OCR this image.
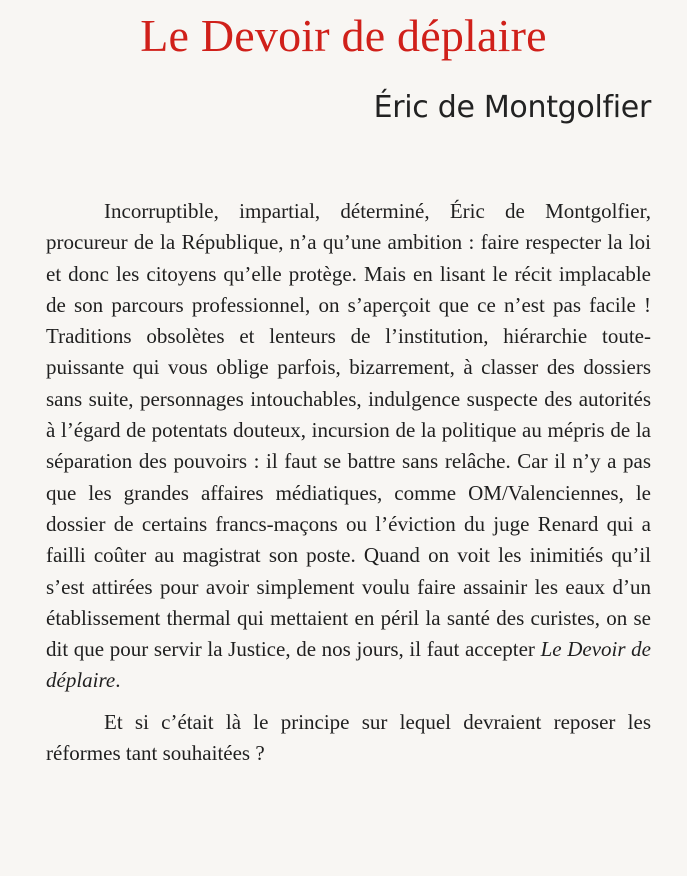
Le Devoir de déplaire
Éric de Montgolfier

Incorruptible, impartial, déterminé, Éric de Montgolfier, procureur de la République, n’a qu’une ambition : faire respecter la loi et donc les citoyens qu’elle protège. Mais en lisant le récit implacable de son parcours professionnel, on s’aperçoit que ce n’est pas facile ! Traditions obsolètes et lenteurs de l’institution, hiérarchie toute-puissante qui vous oblige parfois, bizarrement, à classer des dossiers sans suite, personnages intouchables, indulgence suspecte des autorités à l’égard de potentats douteux, incursion de la politique au mépris de la séparation des pouvoirs : il faut se battre sans relâche. Car il n’y a pas que les grandes affaires médiatiques, comme OM/Valenciennes, le dossier de certains francs-maçons ou l’éviction du juge Renard qui a failli coûter au magistrat son poste. Quand on voit les inimitiés qu’il s’est attirées pour avoir simplement voulu faire assainir les eaux d’un établissement thermal qui mettaient en péril la santé des curistes, on se dit que pour servir la Justice, de nos jours, il faut accepter Le Devoir de déplaire.

Et si c’était là le principe sur lequel devraient reposer les réformes tant souhaitées ?
